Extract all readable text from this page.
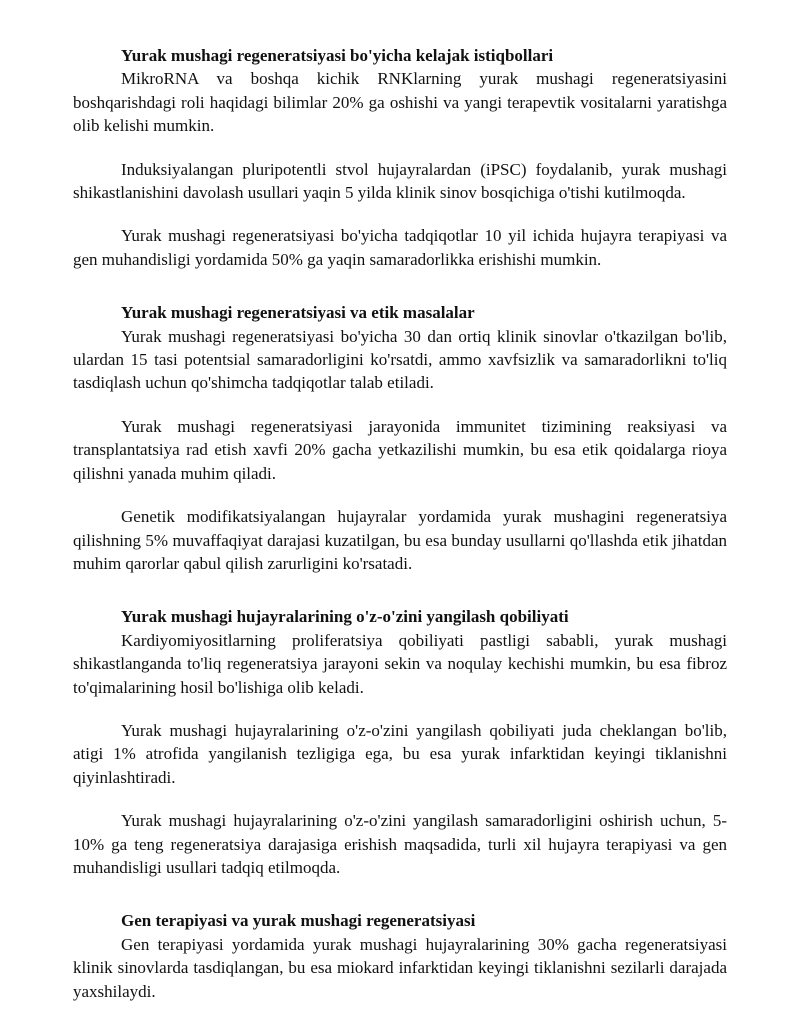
Yurak mushagi regeneratsiyasi bo'yicha kelajak istiqbollari

MikroRNA va boshqa kichik RNKlarning yurak mushagi regeneratsiyasini boshqarishdagi roli haqidagi bilimlar 20% ga oshishi va yangi terapevtik vositalarni yaratishga olib kelishi mumkin.

Induksiyalangan pluripotentli stvol hujayralardan (iPSC) foydalanib, yurak mushagi shikastlanishini davolash usullari yaqin 5 yilda klinik sinov bosqichiga o'tishi kutilmoqda.

Yurak mushagi regeneratsiyasi bo'yicha tadqiqotlar 10 yil ichida hujayra terapiyasi va gen muhandisligi yordamida 50% ga yaqin samaradorlikka erishishi mumkin.

Yurak mushagi regeneratsiyasi va etik masalalar

Yurak mushagi regeneratsiyasi bo'yicha 30 dan ortiq klinik sinovlar o'tkazilgan bo'lib, ulardan 15 tasi potentsial samaradorligini ko'rsatdi, ammo xavfsizlik va samaradorlikni to'liq tasdiqlash uchun qo'shimcha tadqiqotlar talab etiladi.

Yurak mushagi regeneratsiyasi jarayonida immunitet tizimining reaksiyasi va transplantatsiya rad etish xavfi 20% gacha yetkazilishi mumkin, bu esa etik qoidalarga rioya qilishni yanada muhim qiladi.

Genetik modifikatsiyalangan hujayralar yordamida yurak mushagini regeneratsiya qilishning 5% muvaffaqiyat darajasi kuzatilgan, bu esa bunday usullarni qo'llashda etik jihatdan muhim qarorlar qabul qilish zarurligini ko'rsatadi.

Yurak mushagi hujayralarining o'z-o'zini yangilash qobiliyati

Kardiyomiyositlarning proliferatsiya qobiliyati pastligi sababli, yurak mushagi shikastlanganda to'liq regeneratsiya jarayoni sekin va noqulay kechishi mumkin, bu esa fibroz to'qimalarining hosil bo'lishiga olib keladi.

Yurak mushagi hujayralarining o'z-o'zini yangilash qobiliyati juda cheklangan bo'lib, atigi 1% atrofida yangilanish tezligiga ega, bu esa yurak infarktidan keyingi tiklanishni qiyinlashtiradi.

Yurak mushagi hujayralarining o'z-o'zini yangilash samaradorligini oshirish uchun, 5-10% ga teng regeneratsiya darajasiga erishish maqsadida, turli xil hujayra terapiyasi va gen muhandisligi usullari tadqiq etilmoqda.

Gen terapiyasi va yurak mushagi regeneratsiyasi

Gen terapiyasi yordamida yurak mushagi hujayralarining 30% gacha regeneratsiyasi klinik sinovlarda tasdiqlangan, bu esa miokard infarktidan keyingi tiklanishni sezilarli darajada yaxshilaydi.
